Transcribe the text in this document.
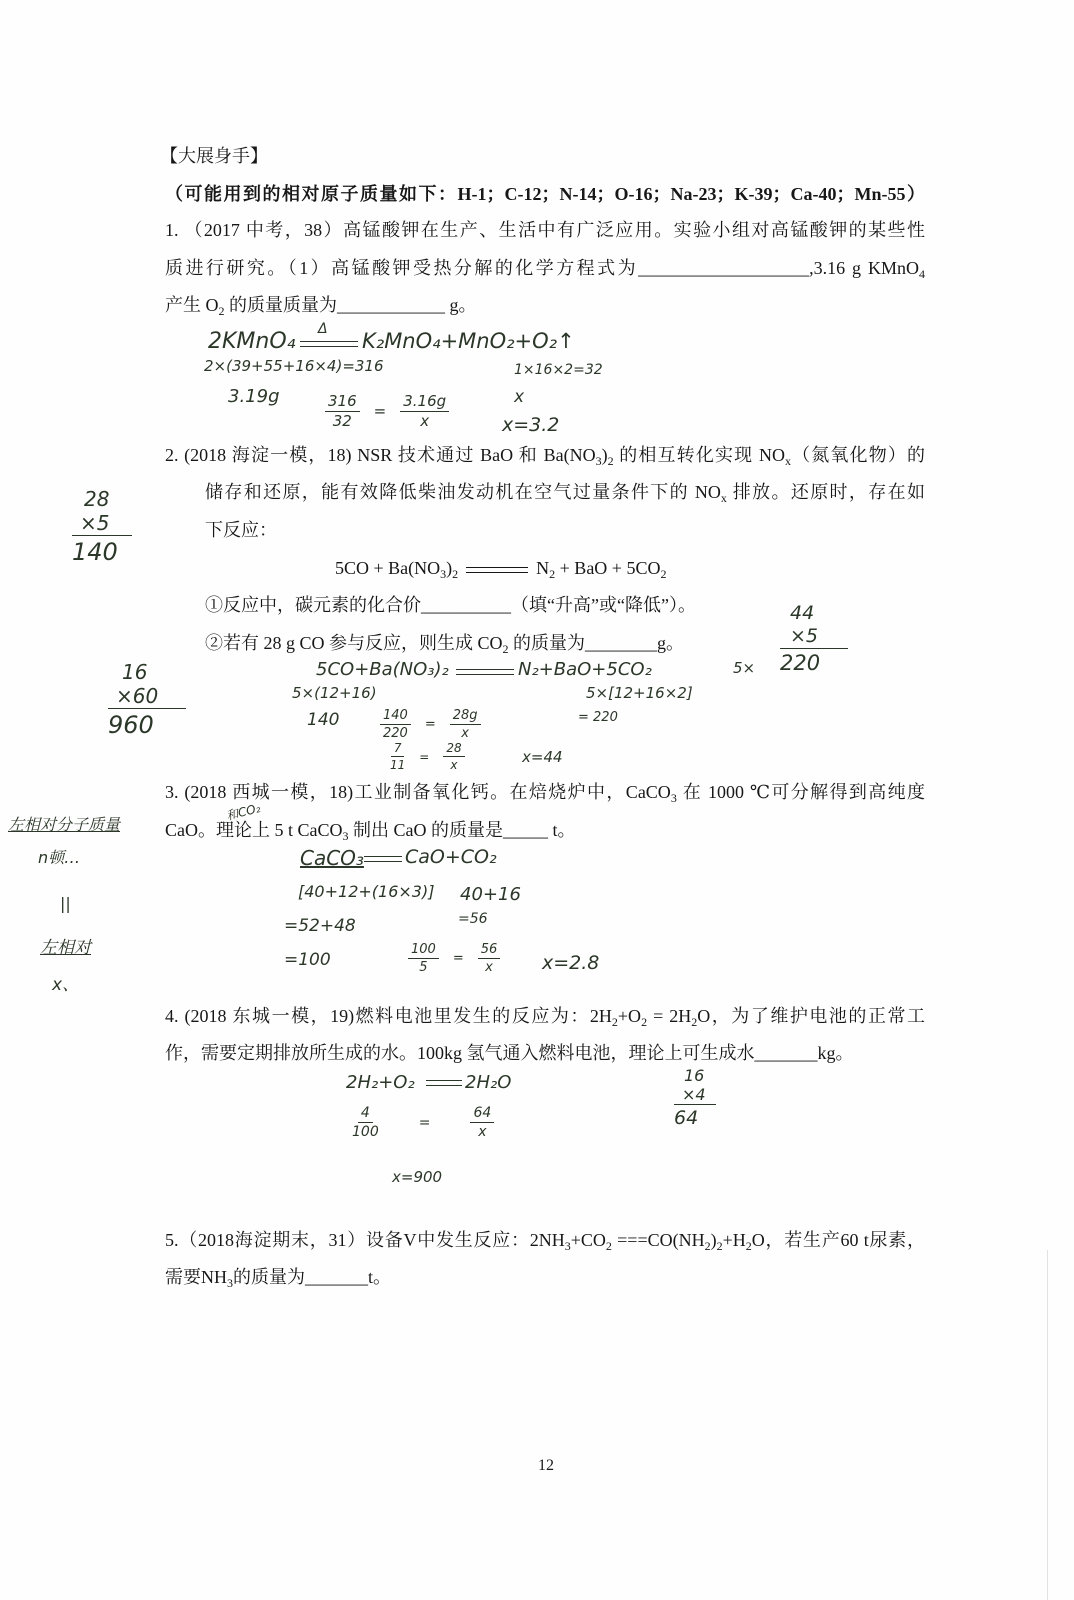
【大展身手】
（可能用到的相对原子质量如下：H-1；C-12；N-14；O-16；Na-23；K-39；Ca-40；Mn-55）
1. （2017 中考，38）高锰酸钾在生产、生活中有广泛应用。实验小组对高锰酸钾的某些性
质进行研究。（1）高锰酸钾受热分解的化学方程式为___________________,3.16 g KMnO$_4$
产生 $O_2$ 的质量质量为____________ g。
2. (2018 海淀一模，18) NSR 技术通过 BaO 和 $Ba(NO_3)_2$ 的相互转化实现 $NO_x$（氮氧化物）的
储存和还原，能有效降低柴油发动机在空气过量条件下的 $NO_x$ 排放。还原时，存在如
下反应：
$5CO + Ba(NO_3)_2$	$N_2$ + BaO + $5CO_2$
①反应中，碳元素的化合价__________（填“升高”或“降低”）。
②若有 28 g CO 参与反应，则生成 $CO_2$ 的质量为________g。
3. (2018 西城一模，18)工业制备氧化钙。在焙烧炉中，CaCO$_3$ 在 1000 ℃可分解得到高纯度
CaO。理论上 5 t CaCO$_3$ 制出 CaO 的质量是_____ t。
4. (2018 东城一模，19)燃料电池里发生的反应为：$2H_2+O_2 = 2H_2O$，为了维护电池的正常工
作，需要定期排放所生成的水。100kg 氢气通入燃料电池，理论上可生成水_______kg。
5.（2018海淀期末，31）设备V中发生反应：$2NH_3+CO_2 ===CO(NH_2)_2+H_2O$，若生产60 t尿素，
需要$NH_3$的质量为_______t。
12
2KMnO₄ Δ K₂MnO₄+MnO₂+O₂↑
2×(39+55+16×4)=316	1×16×2=32
3.19g	$\frac{316}{32} = \frac{3.16g}{x}$	x
x=3.2
28
×5
140
16
×60
960
44
×5
220
5×
5CO+Ba(NO₃)₂	N₂+BaO+5CO₂
5×(12+16)	5×[12+16×2]
140	= 220
$\frac{140}{220} = \frac{28g}{x}$
$\frac{7}{11} = \frac{28}{x}$	x=44
和CO₂
左相对分子质量
n顿…
||
左相对
x、
CaCO₃ CaO+CO₂
[40+12+(16×3)] 40+16
=52+48	=56
=100	$\frac{100}{5} = \frac{56}{x} x=2.8$
2H₂+O₂	2H₂O
$\frac{4}{100}$	=	$\frac{64}{x}$
x=900
16
×4
64
